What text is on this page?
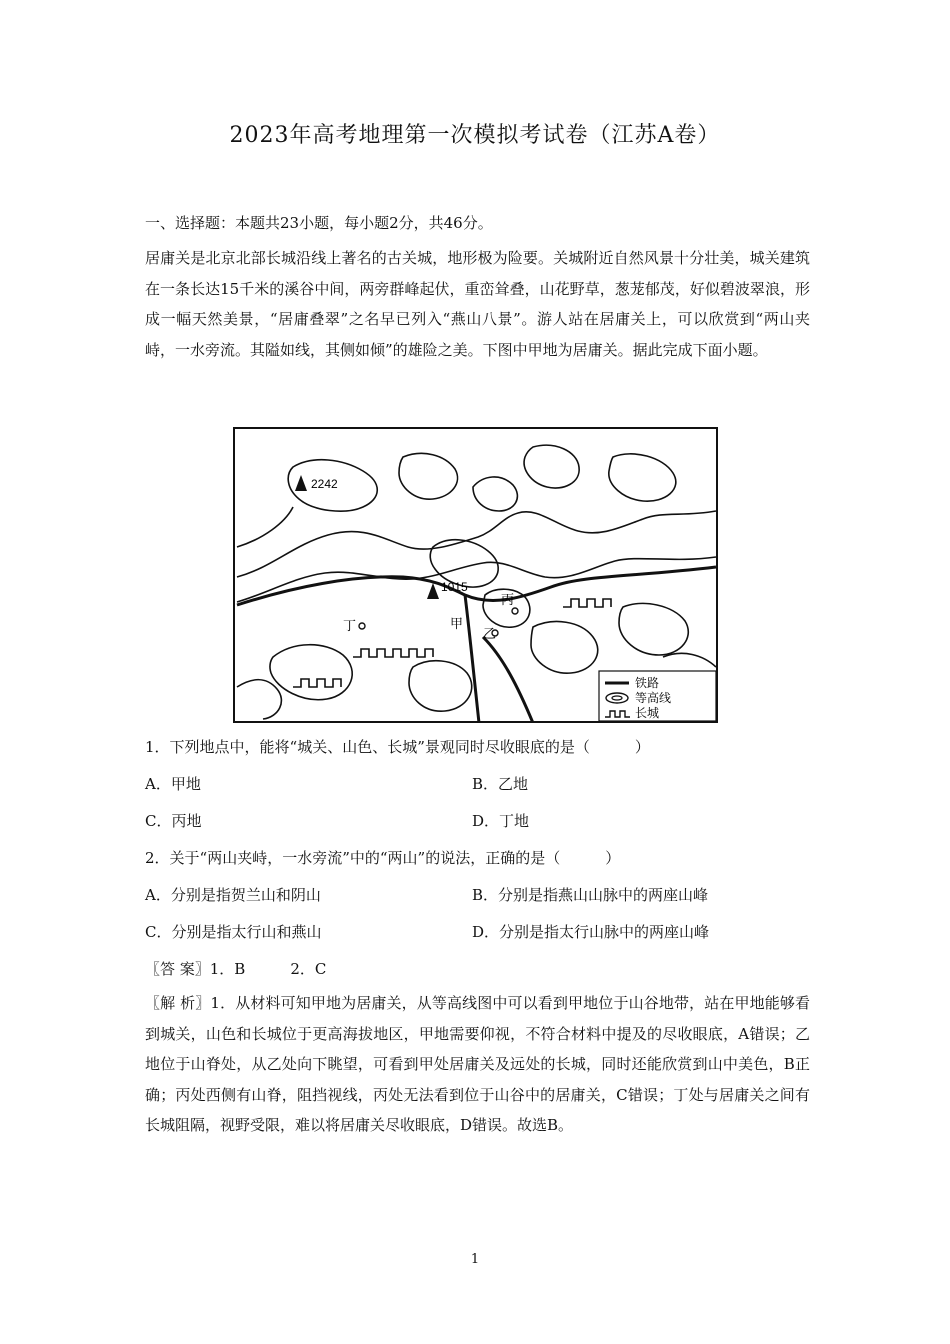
2023年高考地理第一次模拟考试卷（江苏A卷）
一、选择题：本题共23小题，每小题2分，共46分。
居庸关是北京北部长城沿线上著名的古关城，地形极为险要。关城附近自然风景十分壮美，城关建筑在一条长达15千米的溪谷中间，两旁群峰起伏，重峦耸叠，山花野草，葱茏郁茂，好似碧波翠浪，形成一幅天然美景，“居庸叠翠”之名早已列入“燕山八景”。游人站在居庸关上，可以欣赏到“两山夹峙，一水旁流。其隘如线，其侧如倾”的雄险之美。下图中甲地为居庸关。据此完成下面小题。
2242
1015
丁	甲
乙
丙
铁路
等高线
长城
1．下列地点中，能将“城关、山色、长城”景观同时尽收眼底的是（　　　）
A．甲地	B．乙地
C．丙地	D．丁地
2．关于“两山夹峙，一水旁流”中的“两山”的说法，正确的是（　　　）
A．分别是指贺兰山和阴山	B．分别是指燕山山脉中的两座山峰
C．分别是指太行山和燕山	D．分别是指太行山脉中的两座山峰
〖答 案〗1．B　　　2．C
〖解 析〗1．从材料可知甲地为居庸关，从等高线图中可以看到甲地位于山谷地带，站在甲地能够看到城关，山色和长城位于更高海拔地区，甲地需要仰视，不符合材料中提及的尽收眼底，A错误；乙地位于山脊处，从乙处向下眺望，可看到甲处居庸关及远处的长城，同时还能欣赏到山中美色，B正确；丙处西侧有山脊，阻挡视线，丙处无法看到位于山谷中的居庸关，C错误；丁处与居庸关之间有长城阻隔，视野受限，难以将居庸关尽收眼底，D错误。故选B。
1
